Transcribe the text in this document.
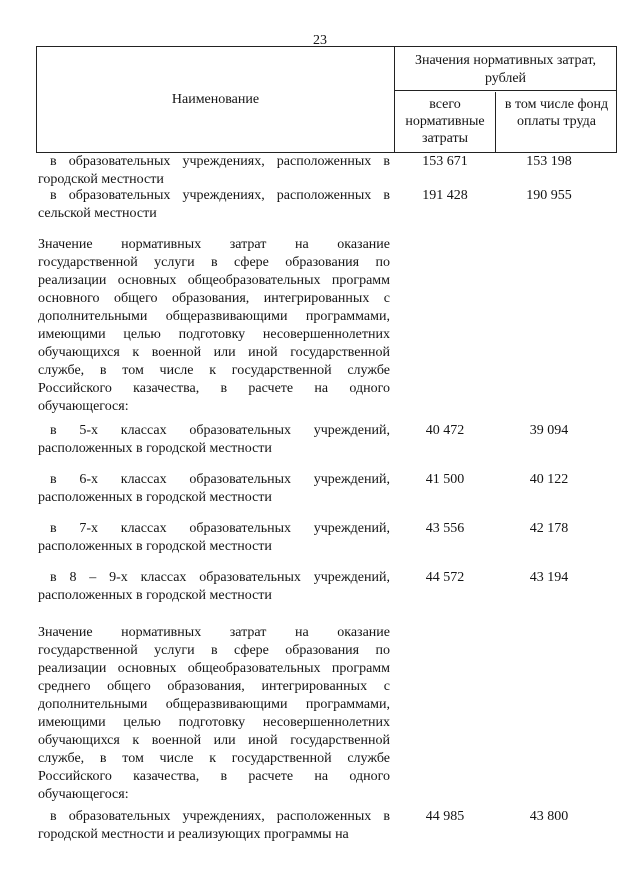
23
Наименование
Значения нормативных затрат, рублей
всего нормативные затраты
в том числе фонд оплаты труда
в образовательных учреждениях, расположенных в городской местности
153 671	153 198
в образовательных учреждениях, расположенных в сельской местности
191 428	190 955
Значение нормативных затрат на оказание государственной услуги в сфере образования по реализации основных общеобразовательных программ основного общего образования, интегрированных с дополнительными общеразвивающими программами, имеющими целью подготовку несовершеннолетних обучающихся к военной или иной государственной службе, в том числе к государственной службе Российского казачества, в расчете на одного обучающегося:
в 5-х классах образовательных учреждений, расположенных в городской местности
40 472	39 094
в 6-х классах образовательных учреждений, расположенных в городской местности
41 500	40 122
в 7-х классах образовательных учреждений, расположенных в городской местности
43 556	42 178
в 8 – 9-х классах образовательных учреждений, расположенных в городской местности
44 572	43 194
Значение нормативных затрат на оказание государственной услуги в сфере образования по реализации основных общеобразовательных программ среднего общего образования, интегрированных с дополнительными общеразвивающими программами, имеющими целью подготовку несовершеннолетних обучающихся к военной или иной государственной службе, в том числе к государственной службе Российского казачества, в расчете на одного обучающегося:
в образовательных учреждениях, расположенных в городской местности и реализующих программы на
44 985	43 800
